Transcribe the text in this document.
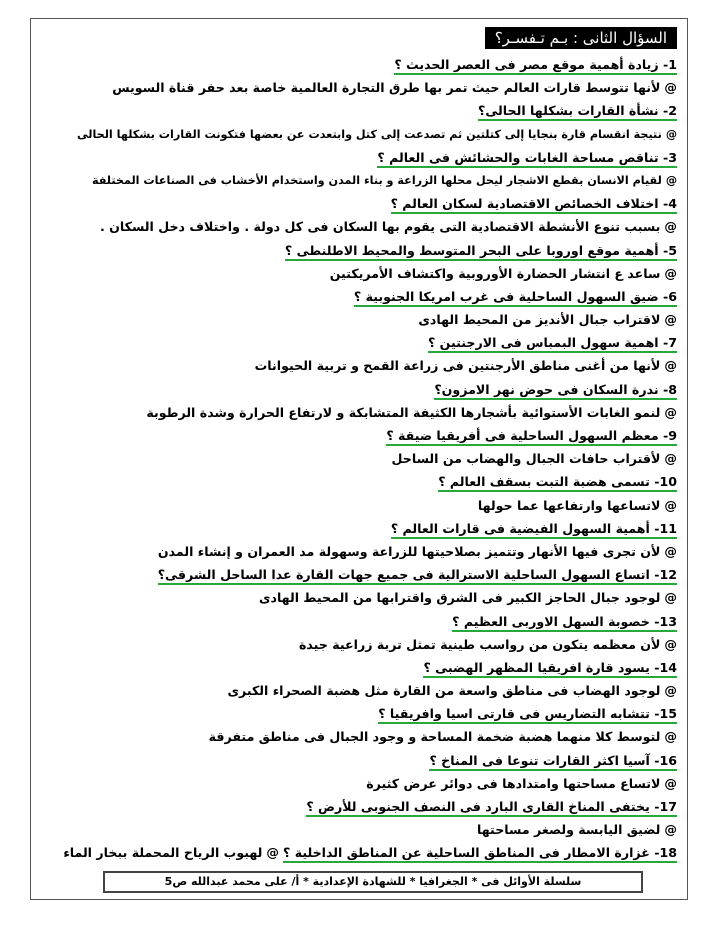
السؤال الثانى : بـم تـفسـر؟
1- زيادة أهمية موقع مصر فى العصر الحديث ؟
@لأنها تتوسط قارات العالم حيث تمر بها طرق التجارة العالمية خاصة بعد حفر قناة السويس
2- نشأة القارات بشكلها الحالى؟
@نتيجة انقسام قارة بنجايا إلى كتلتين ثم تصدعت إلى كتل وابتعدت عن بعضها فتكونت القارات بشكلها الحالى
3- تناقص مساحة الغابات والحشائش فى العالم ؟
@لقيام الانسان بقطع الاشجار ليحل محلها الزراعة و بناء المدن واستخدام الأخشاب فى الصناعات المختلفة
4- اختلاف الخصائص الاقتصادية لسكان العالم ؟
@بسبب تنوع الأنشطة الاقتصادية التى يقوم بها السكان فى كل دولة . واختلاف دخل السكان .
5- أهمية موقع اوروبا على البحر المتوسط والمحيط الاطلنطى ؟
@ساعد ع انتشار الحضارة الأوروبية واكتشاف الأمريكتين
6- ضيق السهول الساحلية فى غرب امريكا الجنوبية ؟
@لاقتراب جبال الأنديز من المحيط الهادى
7- اهمية سهول البمباس فى الارجنتين ؟
@لأنها من أغنى مناطق الأرجنتين فى زراعة القمح و تربية الحيوانات
8- ندرة السكان فى حوض نهر الامزون؟
@لنمو الغابات الأستوائية بأشجارها الكثيفة المتشابكة و لارتفاع الحرارة وشدة الرطوبة
9- معظم السهول الساحلية فى أفريقيا ضيقة ؟
@لأقتراب حافات الجبال والهضاب من الساحل
10- تسمى هضبة التبت بسقف العالم ؟
@لاتساعها وارتفاعها عما حولها
11- أهمية السهول الفيضية فى قارات العالم ؟
@لأن تجرى فيها الأنهار وتتميز بصلاحيتها للزراعة وسهولة مد العمران و إنشاء المدن
12- اتساع السهول الساحلية الاسترالية فى جميع جهات القارة عدا الساحل الشرقى؟
@لوجود جبال الحاجز الكبير فى الشرق واقترابها من المحيط الهادى
13- خصوبة السهل الاوربى العظيم ؟
@لأن معظمه يتكون من رواسب طينية تمثل تربة زراعية جيدة
14- يسود قارة افريقيا المظهر الهضبى ؟
@لوجود الهضاب فى مناطق واسعة من القارة مثل هضبة الصحراء الكبرى
15- تتشابه التضاريس فى قارتى اسيا وافريقيا ؟
@لتوسط كلا منهما هضبة ضخمة المساحة و وجود الجبال فى مناطق متفرقة
16- آسيا اكثر القارات تنوعا فى المناخ ؟
@لاتساع مساحتها وامتدادها فى دوائر عرض كثيرة
17- يختفى المناخ القارى البارد فى النصف الجنوبى للأرض ؟
@لضيق اليابسة ولصغر مساحتها
18- غزارة الامطار فى المناطق الساحلية عن المناطق الداخلية ؟@لهبوب الرياح المحملة ببخار الماء
سلسلة الأوائل فى * الجغرافيا * للشهادة الإعدادية * أ/ على محمد عبدالله ص5
